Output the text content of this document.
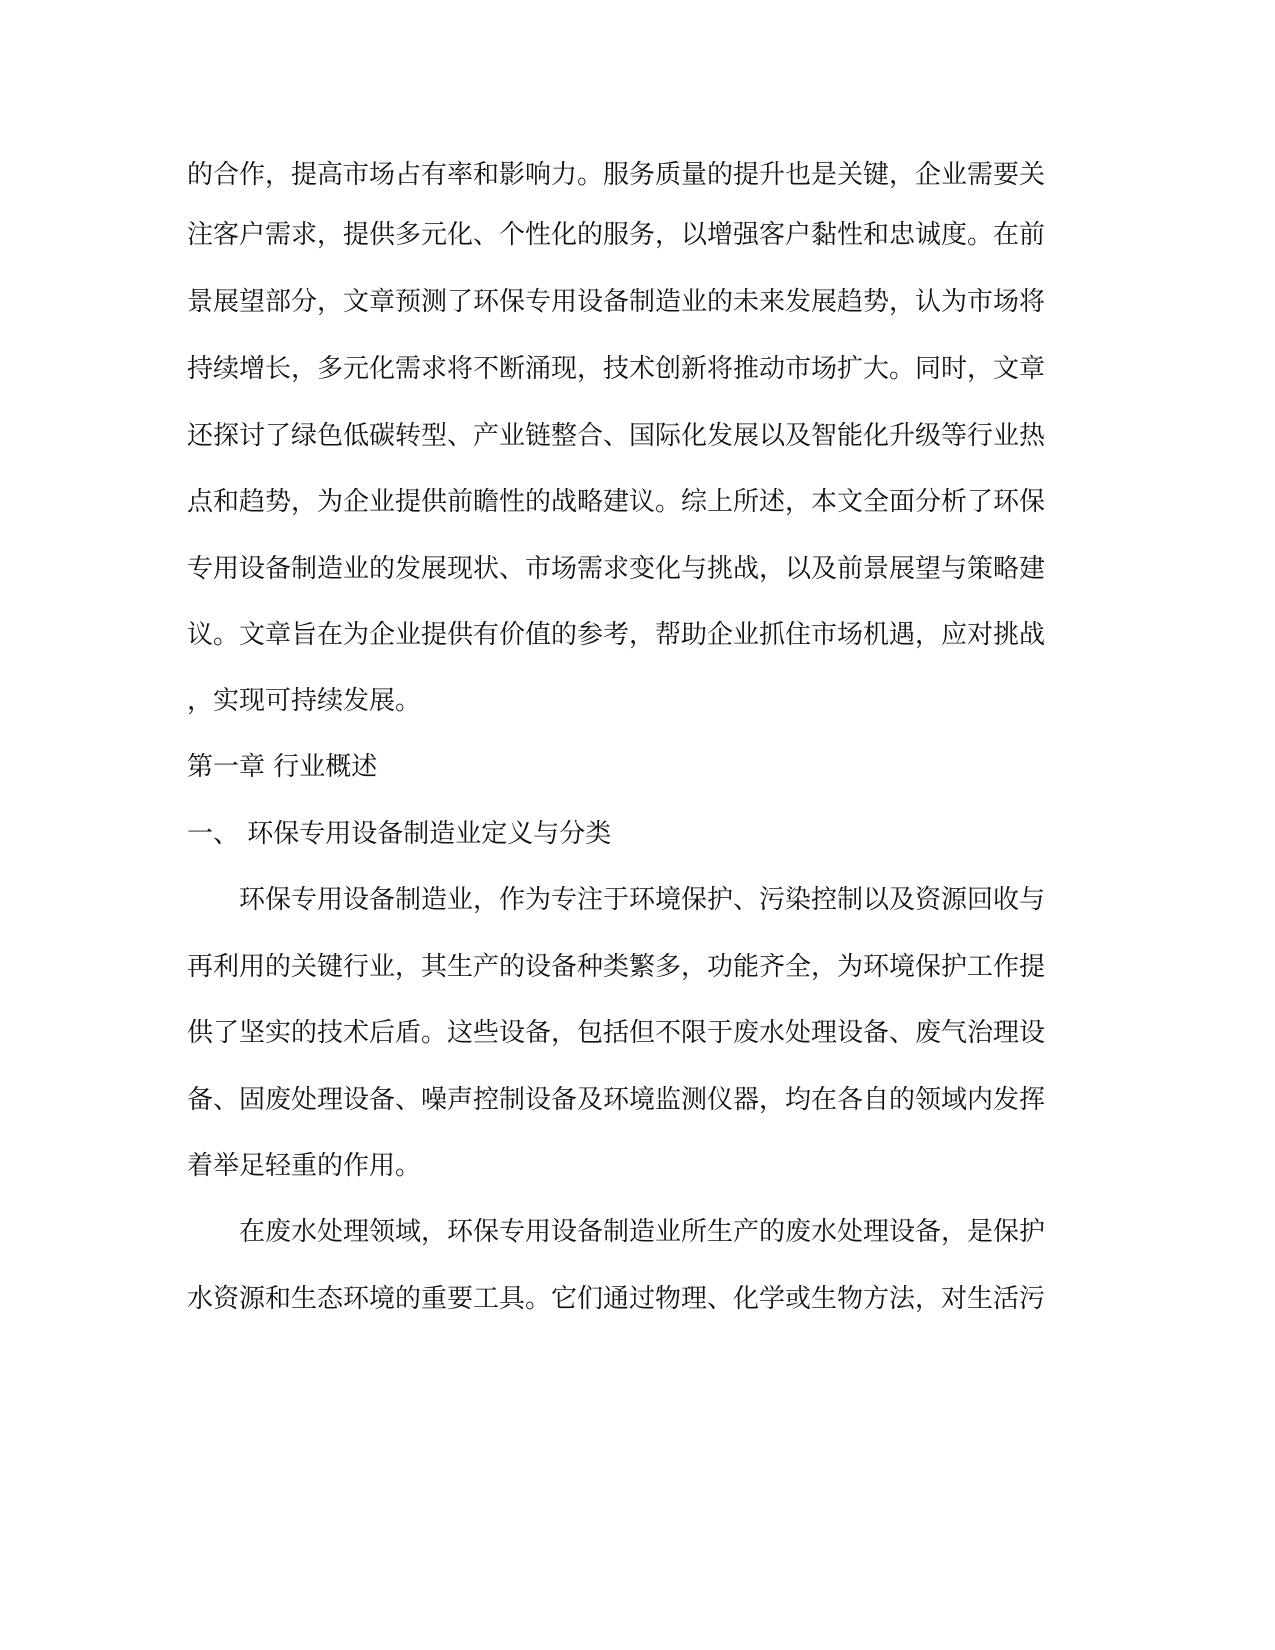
的合作，提高市场占有率和影响力。服务质量的提升也是关键，企业需要关
注客户需求，提供多元化、个性化的服务，以增强客户黏性和忠诚度。在前
景展望部分，文章预测了环保专用设备制造业的未来发展趋势，认为市场将
持续增长，多元化需求将不断涌现，技术创新将推动市场扩大。同时，文章
还探讨了绿色低碳转型、产业链整合、国际化发展以及智能化升级等行业热
点和趋势，为企业提供前瞻性的战略建议。综上所述，本文全面分析了环保
专用设备制造业的发展现状、市场需求变化与挑战，以及前景展望与策略建
议。文章旨在为企业提供有价值的参考，帮助企业抓住市场机遇，应对挑战
，实现可持续发展。
第一章 行业概述
一、 环保专用设备制造业定义与分类
环保专用设备制造业，作为专注于环境保护、污染控制以及资源回收与
再利用的关键行业，其生产的设备种类繁多，功能齐全，为环境保护工作提
供了坚实的技术后盾。这些设备，包括但不限于废水处理设备、废气治理设
备、固废处理设备、噪声控制设备及环境监测仪器，均在各自的领域内发挥
着举足轻重的作用。
在废水处理领域，环保专用设备制造业所生产的废水处理设备，是保护
水资源和生态环境的重要工具。它们通过物理、化学或生物方法，对生活污
